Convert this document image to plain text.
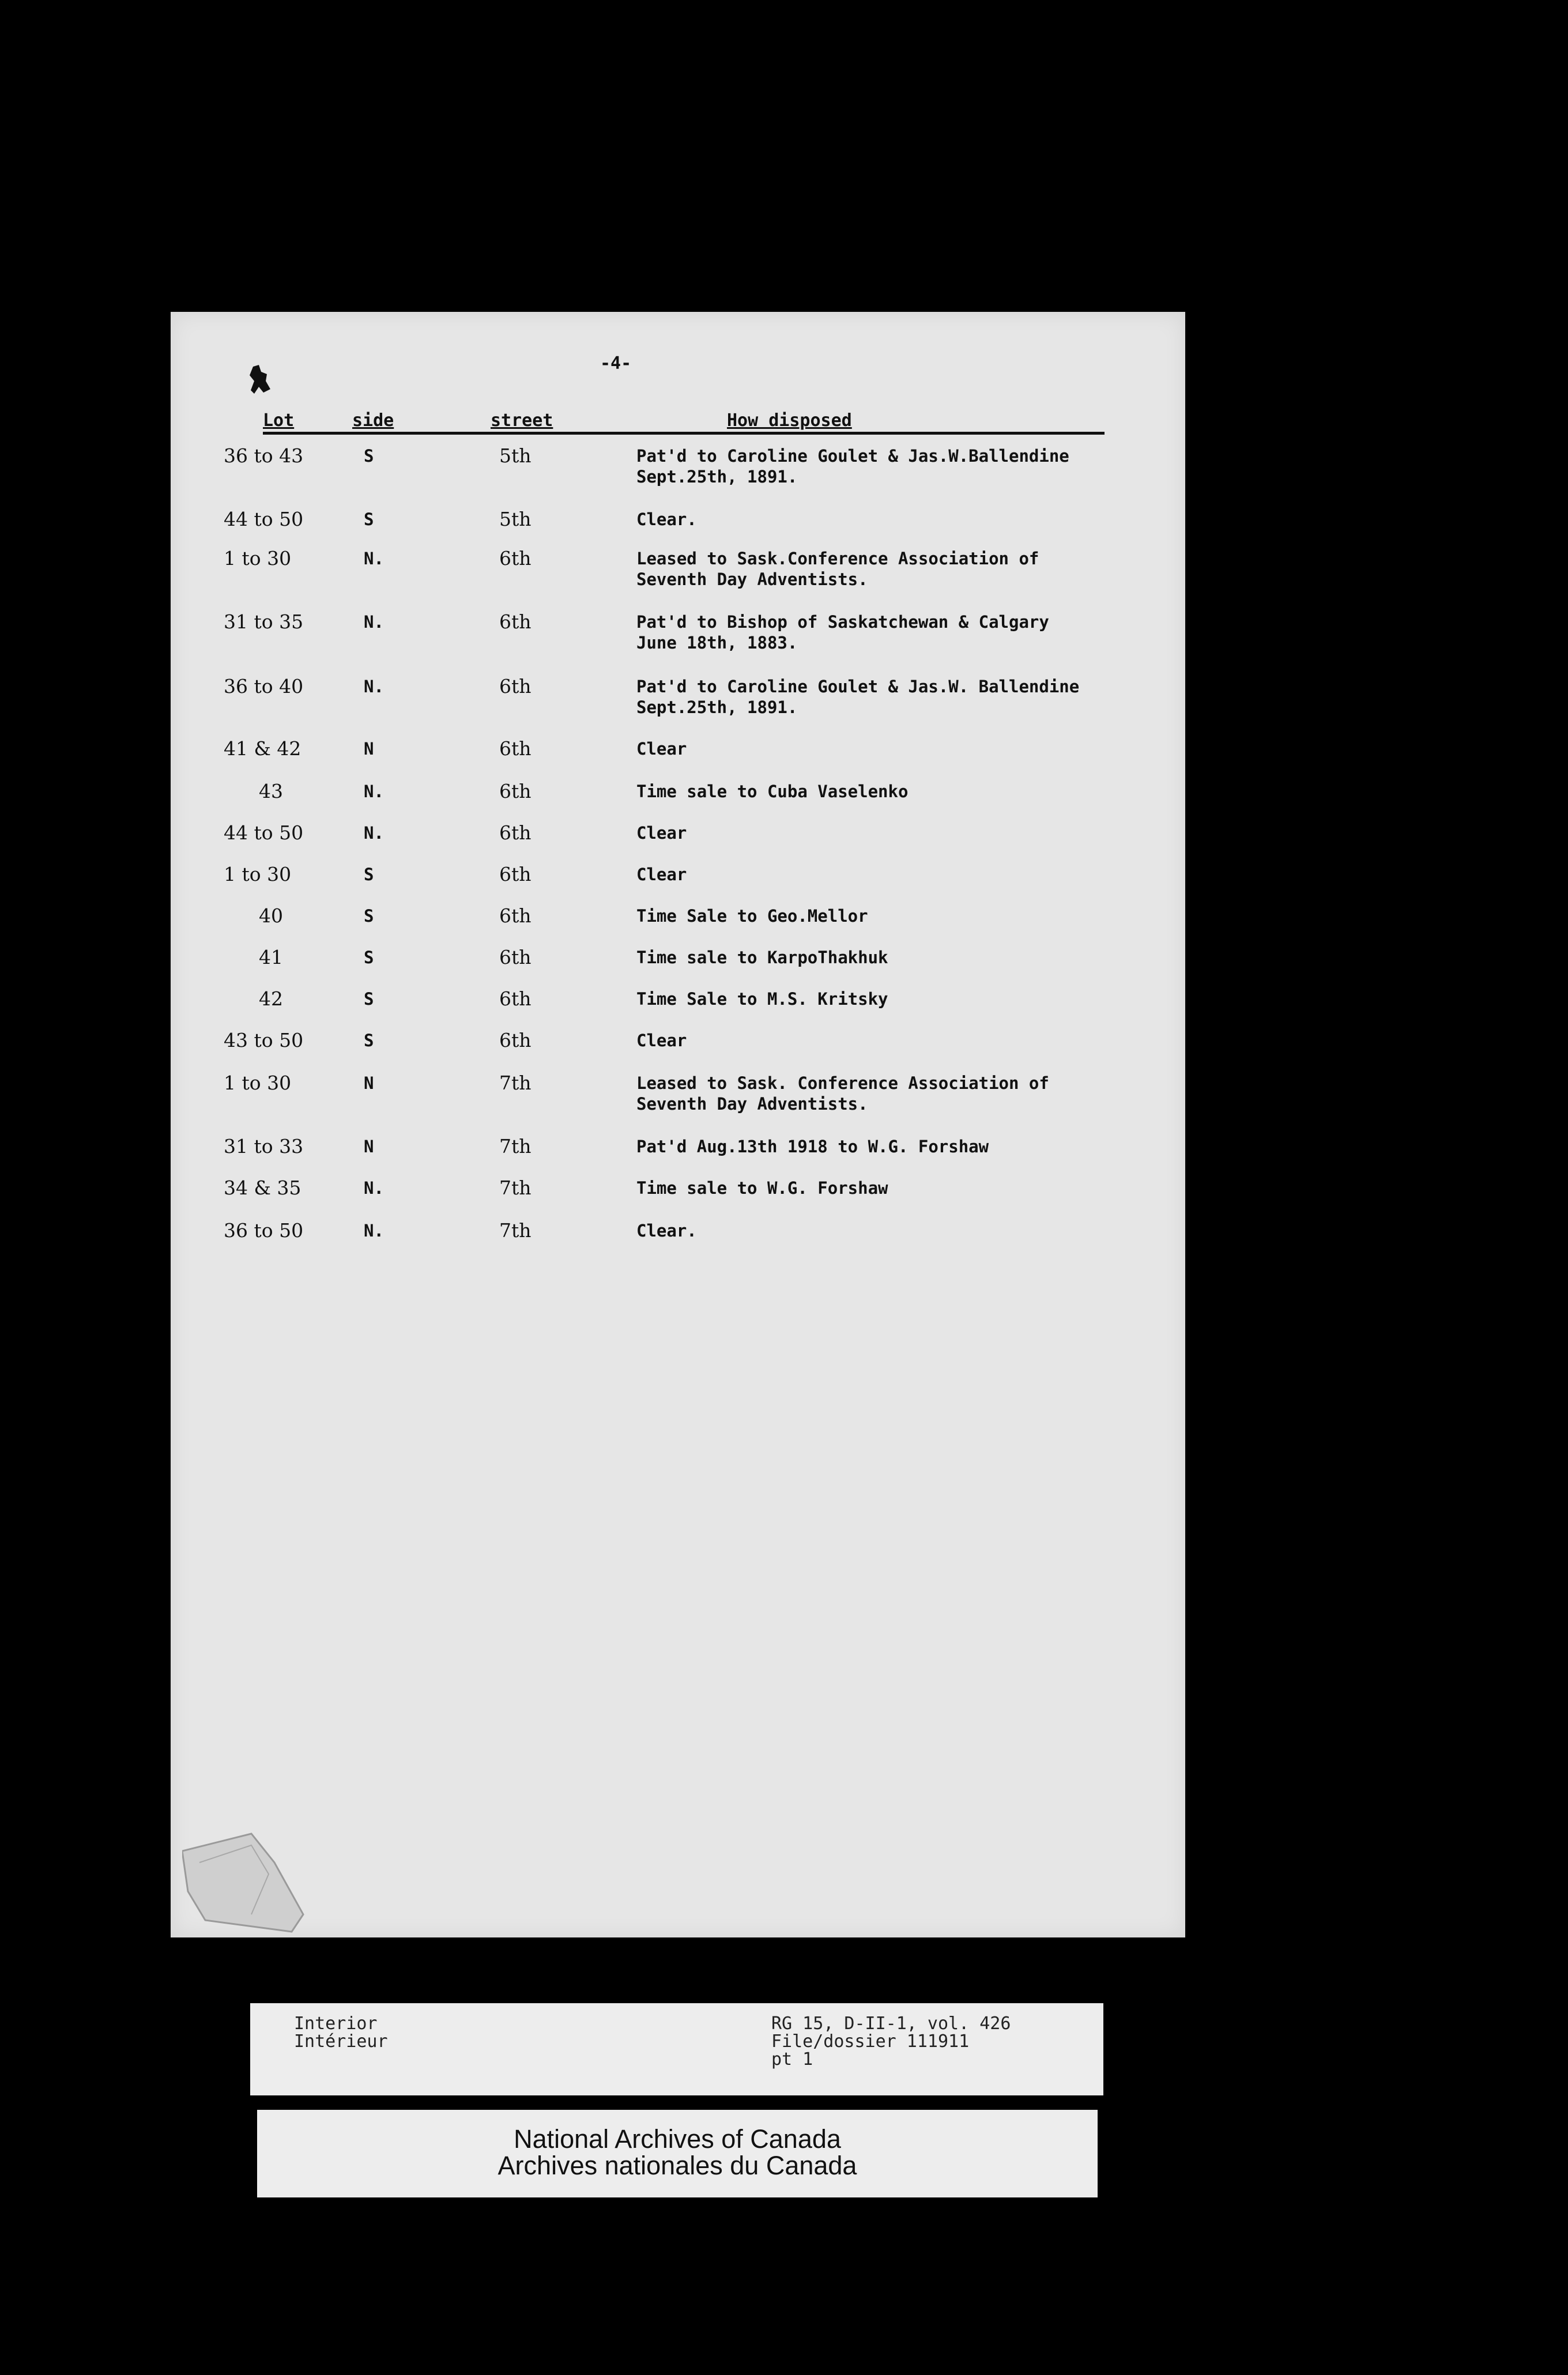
-4-
Lot	side	street	How disposed
36 to 43	S	5th	Pat'd to Caroline Goulet & Jas.W.Ballendine
Sept.25th, 1891.
44 to 50	S	5th	Clear.
1 to 30	N.	6th	Leased to Sask.Conference Association of
Seventh Day Adventists.
31 to 35	N.	6th	Pat'd to Bishop of Saskatchewan & Calgary
June 18th, 1883.
36 to 40	N.	6th	Pat'd to Caroline Goulet & Jas.W. Ballendine
Sept.25th, 1891.
41 & 42	N	6th	Clear
43	N.	6th	Time sale to Cuba Vaselenko
44 to 50	N.	6th	Clear
1 to 30	S	6th	Clear
40	S	6th	Time Sale to Geo.Mellor
41	S	6th	Time sale to KarpoThakhuk
42	S	6th	Time Sale to M.S. Kritsky
43 to 50	S	6th	Clear
1 to 30	N	7th	Leased to Sask. Conference Association of
Seventh Day Adventists.
31 to 33	N	7th	Pat'd Aug.13th 1918 to W.G. Forshaw
34 & 35	N.	7th	Time sale to W.G. Forshaw
36 to 50	N.	7th	Clear.
Interior
Intérieur
RG 15, D-II-1, vol. 426
File/dossier 111911
pt 1
National Archives of Canada
Archives nationales du Canada
